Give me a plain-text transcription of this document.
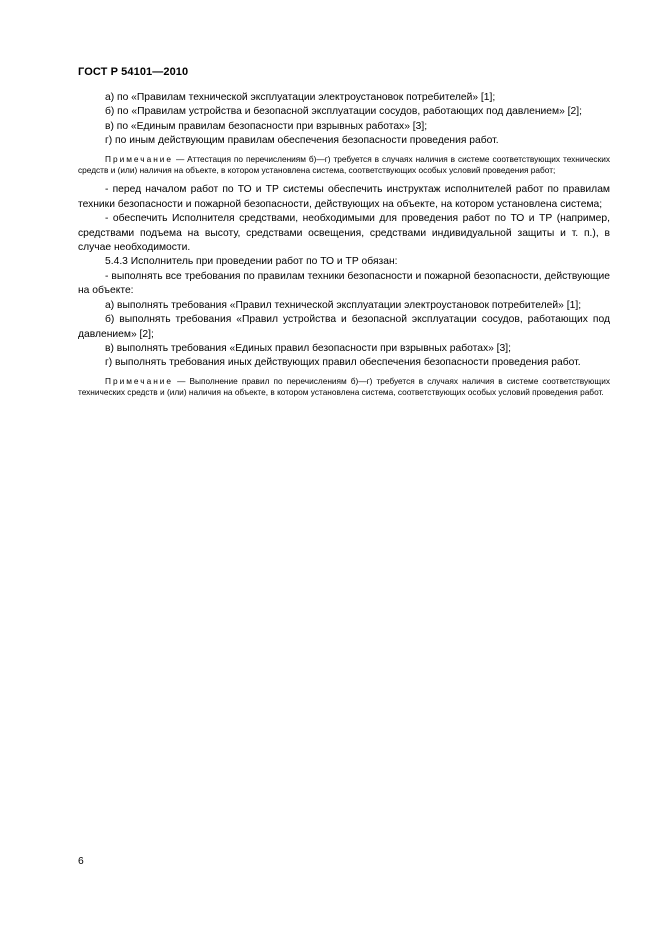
ГОСТ Р 54101—2010

а) по «Правилам технической эксплуатации электроустановок потребителей» [1];

б) по «Правилам устройства и безопасной эксплуатации сосудов, работающих под давлением» [2];

в) по «Единым правилам безопасности при взрывных работах» [3];

г) по иным действующим правилам обеспечения безопасности проведения работ.

Примечание — Аттестация по перечислениям б)—г) требуется в случаях наличия в системе соответствующих технических средств и (или) наличия на объекте, в котором установлена система, соответствующих особых условий проведения работ;

- перед началом работ по ТО и ТР системы обеспечить инструктаж исполнителей работ по правилам техники безопасности и пожарной безопасности, действующих на объекте, на котором установлена система;

- обеспечить Исполнителя средствами, необходимыми для проведения работ по ТО и ТР (например, средствами подъема на высоту, средствами освещения, средствами индивидуальной защиты и т. п.), в случае необходимости.

5.4.3 Исполнитель при проведении работ по ТО и ТР обязан:

- выполнять все требования по правилам техники безопасности и пожарной безопасности, действующие на объекте:

а) выполнять требования «Правил технической эксплуатации электроустановок потребителей» [1];

б) выполнять требования «Правил устройства и безопасной эксплуатации сосудов, работающих под давлением» [2];

в) выполнять требования «Единых правил безопасности при взрывных работах» [3];

г) выполнять требования иных действующих правил обеспечения безопасности проведения работ.

Примечание — Выполнение правил по перечислениям б)—г) требуется в случаях наличия в системе соответствующих технических средств и (или) наличия на объекте, в котором установлена система, соответствующих особых условий проведения работ.

6
